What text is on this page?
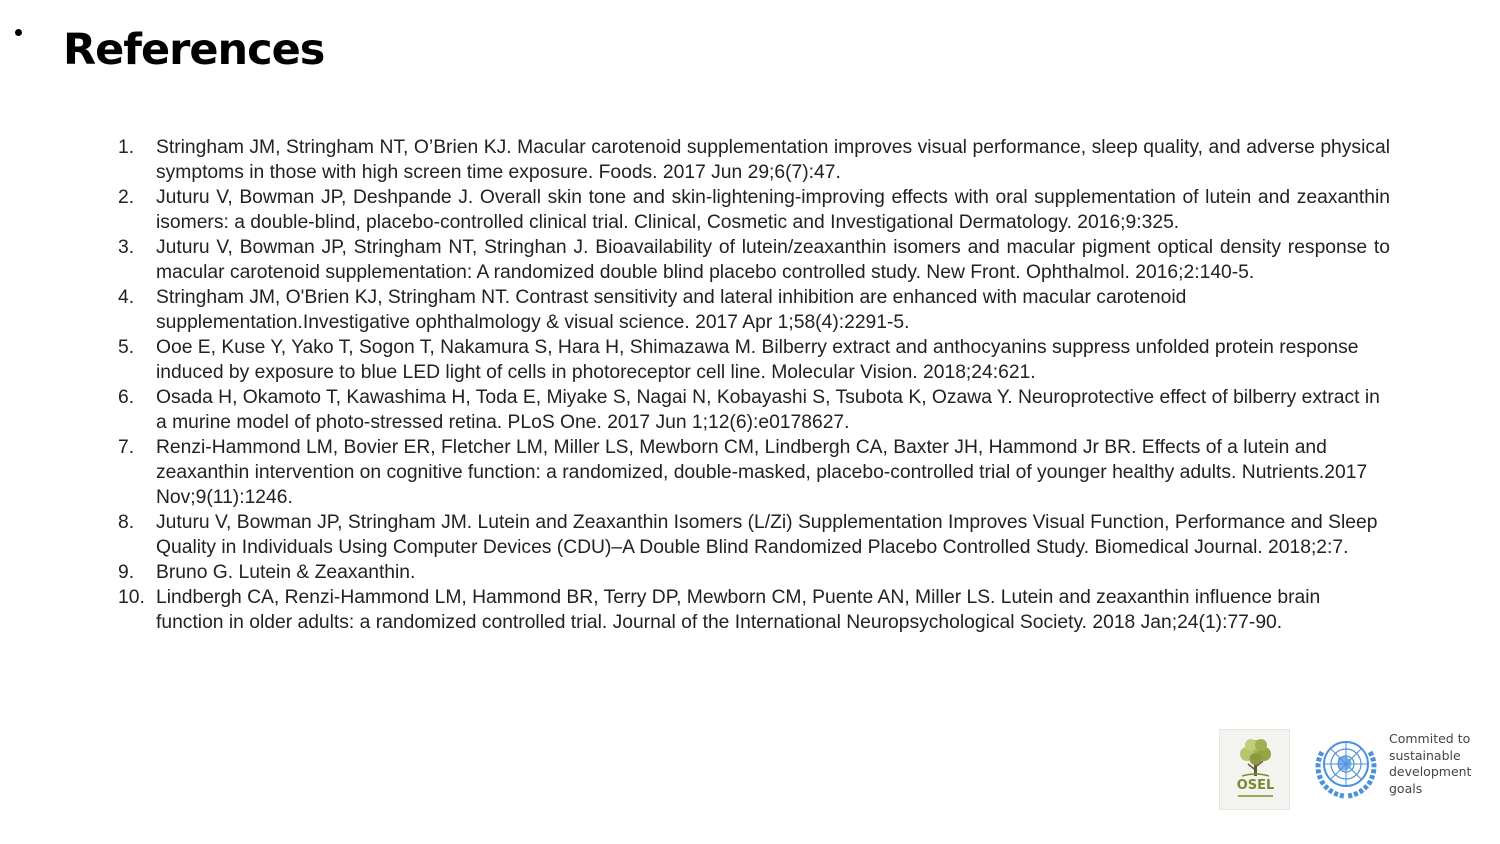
References
1.	Stringham JM, Stringham NT, O’Brien KJ. Macular carotenoid supplementation improves visual performance, sleep quality, and adverse physical symptoms in those with high screen time exposure. Foods. 2017 Jun 29;6(7):47.
2.	Juturu V, Bowman JP, Deshpande J. Overall skin tone and skin-lightening-improving effects with oral supplementation of lutein and zeaxanthin isomers: a double-blind, placebo-controlled clinical trial. Clinical, Cosmetic and Investigational Dermatology. 2016;9:325.
3.	Juturu V, Bowman JP, Stringham NT, Stringhan J. Bioavailability of lutein/zeaxanthin isomers and macular pigment optical density response to macular carotenoid supplementation: A randomized double blind placebo controlled study. New Front. Ophthalmol. 2016;2:140-5.
4.	Stringham JM, O'Brien KJ, Stringham NT. Contrast sensitivity and lateral inhibition are enhanced with macular carotenoid supplementation.Investigative ophthalmology & visual science. 2017 Apr 1;58(4):2291-5.
5.	Ooe E, Kuse Y, Yako T, Sogon T, Nakamura S, Hara H, Shimazawa M. Bilberry extract and anthocyanins suppress unfolded protein response induced by exposure to blue LED light of cells in photoreceptor cell line. Molecular Vision. 2018;24:621.
6.	Osada H, Okamoto T, Kawashima H, Toda E, Miyake S, Nagai N, Kobayashi S, Tsubota K, Ozawa Y. Neuroprotective effect of bilberry extract in a murine model of photo-stressed retina. PLoS One. 2017 Jun 1;12(6):e0178627.
7.	Renzi-Hammond LM, Bovier ER, Fletcher LM, Miller LS, Mewborn CM, Lindbergh CA, Baxter JH, Hammond Jr BR. Effects of a lutein and zeaxanthin intervention on cognitive function: a randomized, double-masked, placebo-controlled trial of younger healthy adults. Nutrients.2017 Nov;9(11):1246.
8.	Juturu V, Bowman JP, Stringham JM. Lutein and Zeaxanthin Isomers (L/Zi) Supplementation Improves Visual Function, Performance and Sleep Quality in Individuals Using Computer Devices (CDU)–A Double Blind Randomized Placebo Controlled Study. Biomedical Journal. 2018;2:7.
9.	Bruno G. Lutein & Zeaxanthin.
10. Lindbergh CA, Renzi-Hammond LM, Hammond BR, Terry DP, Mewborn CM, Puente AN, Miller LS. Lutein and zeaxanthin influence brain function in older adults: a randomized controlled trial. Journal of the International Neuropsychological Society. 2018 Jan;24(1):77-90.
OSEL
Commited to
sustainable
development
goals
